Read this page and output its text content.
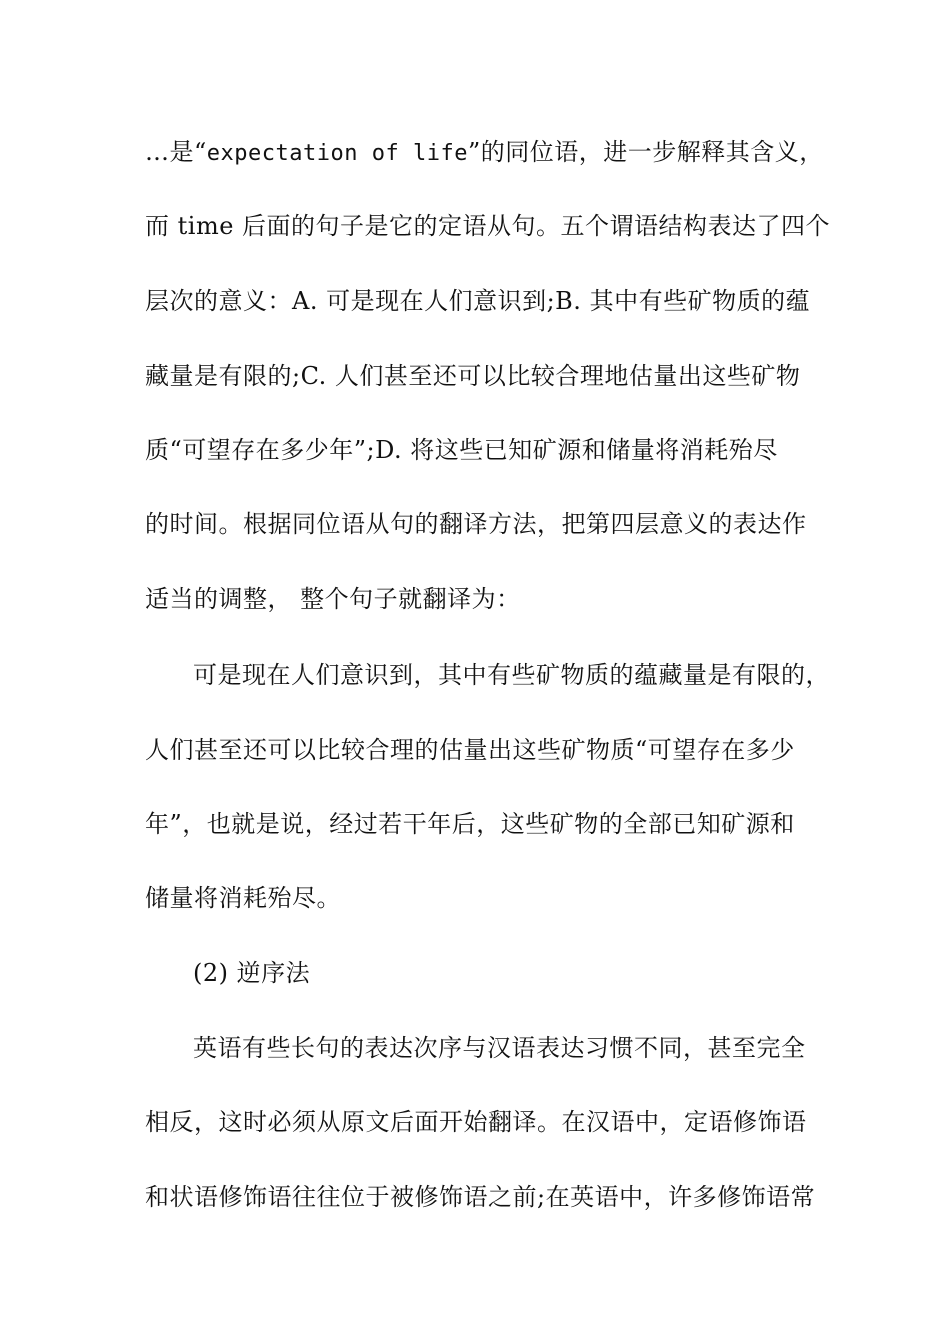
…是“expectation of life”的同位语，进一步解释其含义，
而 time 后面的句子是它的定语从句。五个谓语结构表达了四个
层次的意义：A. 可是现在人们意识到;B. 其中有些矿物质的蕴
藏量是有限的;C. 人们甚至还可以比较合理地估量出这些矿物
质“可望存在多少年”;D. 将这些已知矿源和储量将消耗殆尽
的时间。根据同位语从句的翻译方法，把第四层意义的表达作
适当的调整， 整个句子就翻译为：
可是现在人们意识到，其中有些矿物质的蕴藏量是有限的，
人们甚至还可以比较合理的估量出这些矿物质“可望存在多少
年”，也就是说，经过若干年后，这些矿物的全部已知矿源和
储量将消耗殆尽。
(2) 逆序法
英语有些长句的表达次序与汉语表达习惯不同，甚至完全
相反，这时必须从原文后面开始翻译。在汉语中，定语修饰语
和状语修饰语往往位于被修饰语之前;在英语中，许多修饰语常
